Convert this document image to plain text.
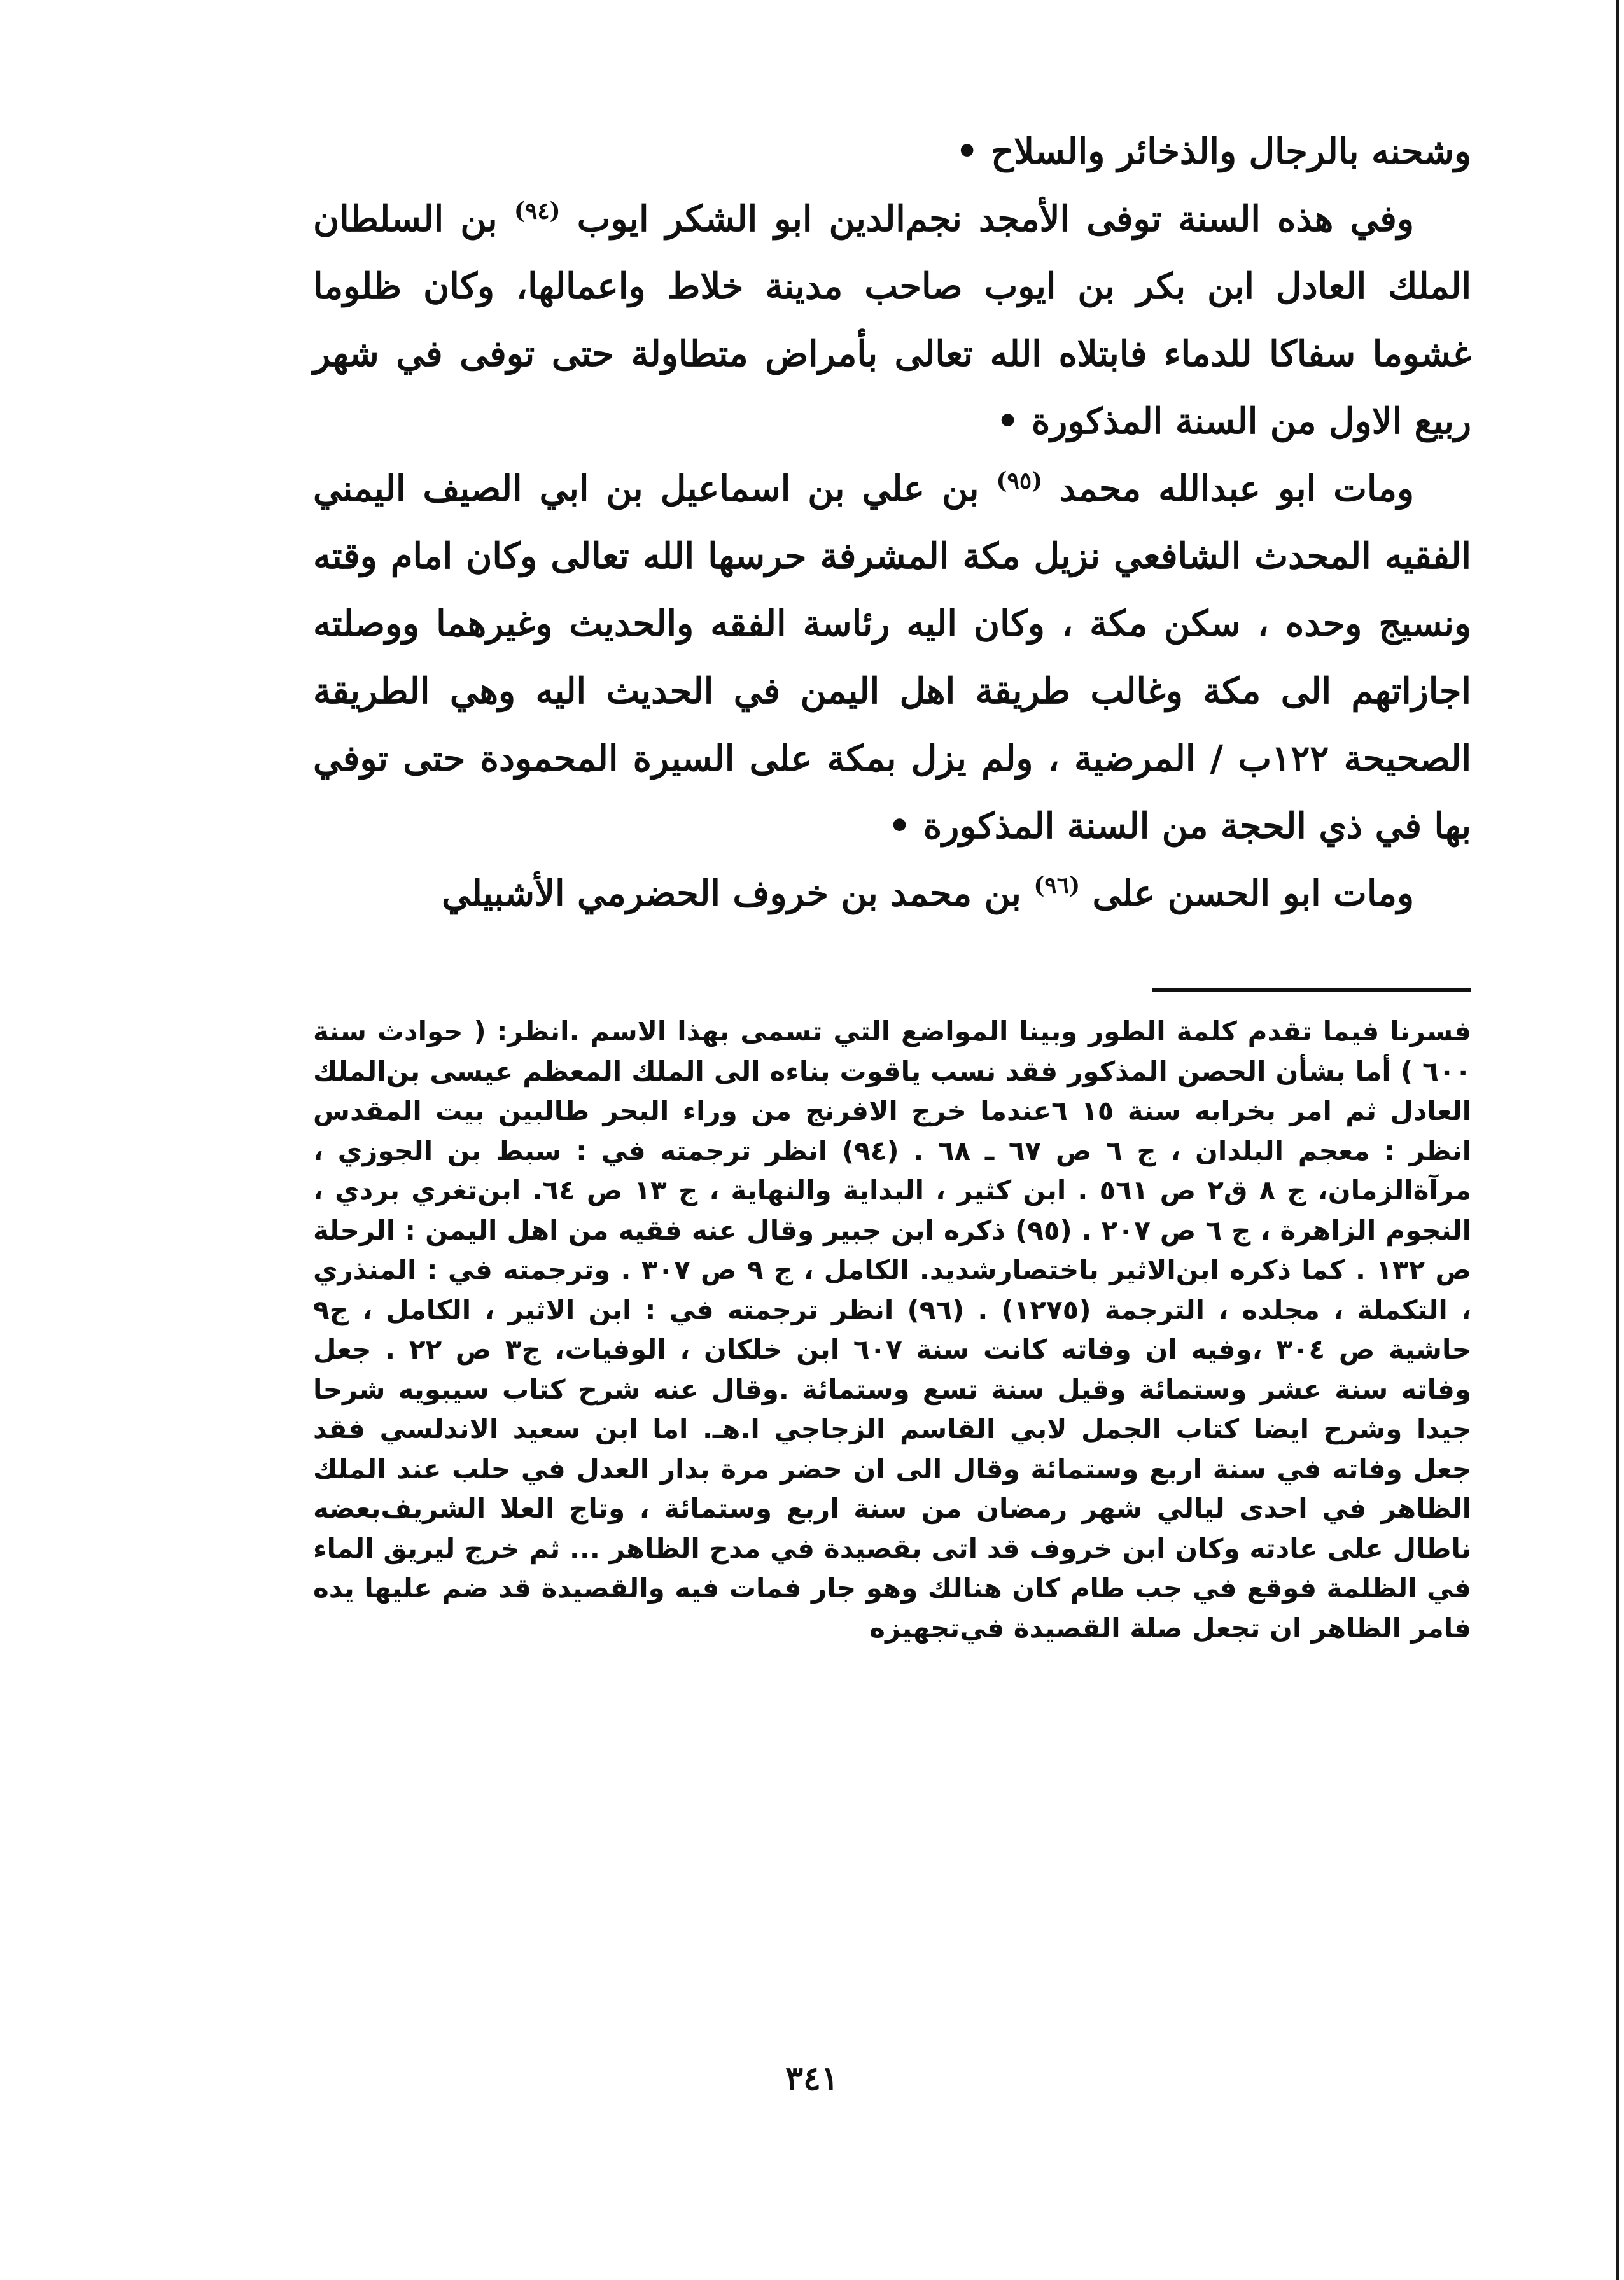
وشحنه بالرجال والذخائر والسلاح •

وفي هذه السنة توفى الأمجد نجم‌الدين ابو الشكر ايوب $^{(٩٤)}$ بن السلطان الملك العادل ابن بكر بن ايوب صاحب مدينة خلاط واعمالها، وكان ظلوما غشوما سفاكا للدماء فابتلاه الله تعالى بأمراض متطاولة حتى توفى في شهر ربيع الاول من السنة المذكورة •

ومات ابو عبدالله محمد $^{(٩٥)}$ بن علي بن اسماعيل بن ابي الصيف اليمني الفقيه المحدث الشافعي نزيل مكة المشرفة حرسها الله تعالى وكان امام وقته ونسيج وحده ، سكن مكة ، وكان اليه رئاسة الفقه والحديث وغيرهما ووصلته اجازاتهم الى مكة وغالب طريقة اهل اليمن في الحديث اليه وهي الطريقة الصحيحة ١٢٢ب / المرضية ، ولم يزل بمكة على السيرة المحمودة حتى توفي بها في ذي الحجة من السنة المذكورة •

ومات ابو الحسن على $^{(٩٦)}$ بن محمد بن خروف الحضرمي الأشبيلي

فسرنا فيما تقدم كلمة الطور وبينا المواضع التي تسمى بهذا الاسم .انظر: ( حوادث سنة ٦٠٠ ) أما بشأن الحصن المذكور فقد نسب ياقوت بناءه الى الملك المعظم عيسى بن‌الملك العادل ثم امر بخرابه سنة ١٥ ٦عندما خرج الافرنج من وراء البحر طالبين بيت المقدس انظر : معجم البلدان ، ج ٦ ص ٦٧ ـ ٦٨ . (٩٤) انظر ترجمته في : سبط بن الجوزي ، مرآة‌الزمان، ج ٨ ق٢ ص ٥٦١ . ابن كثير ، البداية والنهاية ، ج ١٣ ص ٦٤. ابن‌تغري بردي ، النجوم الزاهرة ، ج ٦ ص ٢٠٧ . (٩٥) ذكره ابن جبير وقال عنه فقيه من اهل اليمن : الرحلة ص ١٣٢ . كما ذكره ابن‌الاثير باختصارشديد. الكامل ، ج ٩ ص ٣٠٧ . وترجمته في : المنذري ، التكملة ، مجلده ، الترجمة (١٢٧٥) . (٩٦) انظر ترجمته في : ابن الاثير ، الكامل ، ج٩ حاشية ص ٣٠٤ ،وفيه ان وفاته كانت سنة ٦٠٧ ابن خلكان ، الوفيات، ج٣ ص ٢٢ . جعل وفاته سنة عشر وستمائة وقيل سنة تسع وستمائة .وقال عنه شرح كتاب سيبويه شرحا جيدا وشرح ايضا كتاب الجمل لابي القاسم الزجاجي ا.هـ. اما ابن سعيد الاندلسي فقد جعل وفاته في سنة اربع وستمائة وقال الى ان حضر مرة بدار العدل في حلب عند الملك الظاهر في احدى ليالي شهر رمضان من سنة اربع وستمائة ، وتاج العلا الشريف‌بعضه ناطال على عادته وكان ابن خروف قد اتى بقصيدة في مدح الظاهر ... ثم خرج ليريق الماء في الظلمة فوقع في جب طام كان هنالك وهو جار فمات فيه والقصيدة قد ضم عليها يده فامر الظاهر ان تجعل صلة القصيدة في‌تجهيزه

٣٤١
